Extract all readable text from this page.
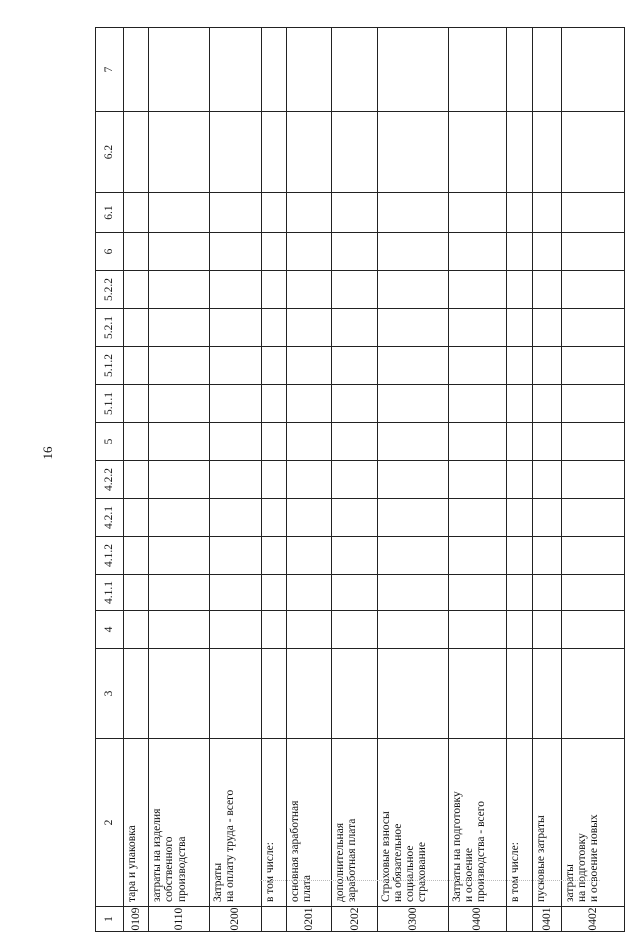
16
1	2	3	4	4.1.1	4.1.2	4.2.1	4.2.2	5	5.1.1	5.1.2	5.2.1	5.2.2	6	6.1	6.2	7
0109	тара и упаковка															
0110	затраты на изделия
собственного
производства															
0200	Затраты
на оплату труда - всего															
	в том числе:															
0201	основная заработная
плата															
0202	дополнительная
заработная плата															
0300	Страховые взносы
на обязательное
социальное
страхование															
0400	Затраты на подготовку
и освоение
производства - всего															
	в том числе:															
0401	пусковые затраты															
0402	затраты
на подготовку
и освоение новых															
